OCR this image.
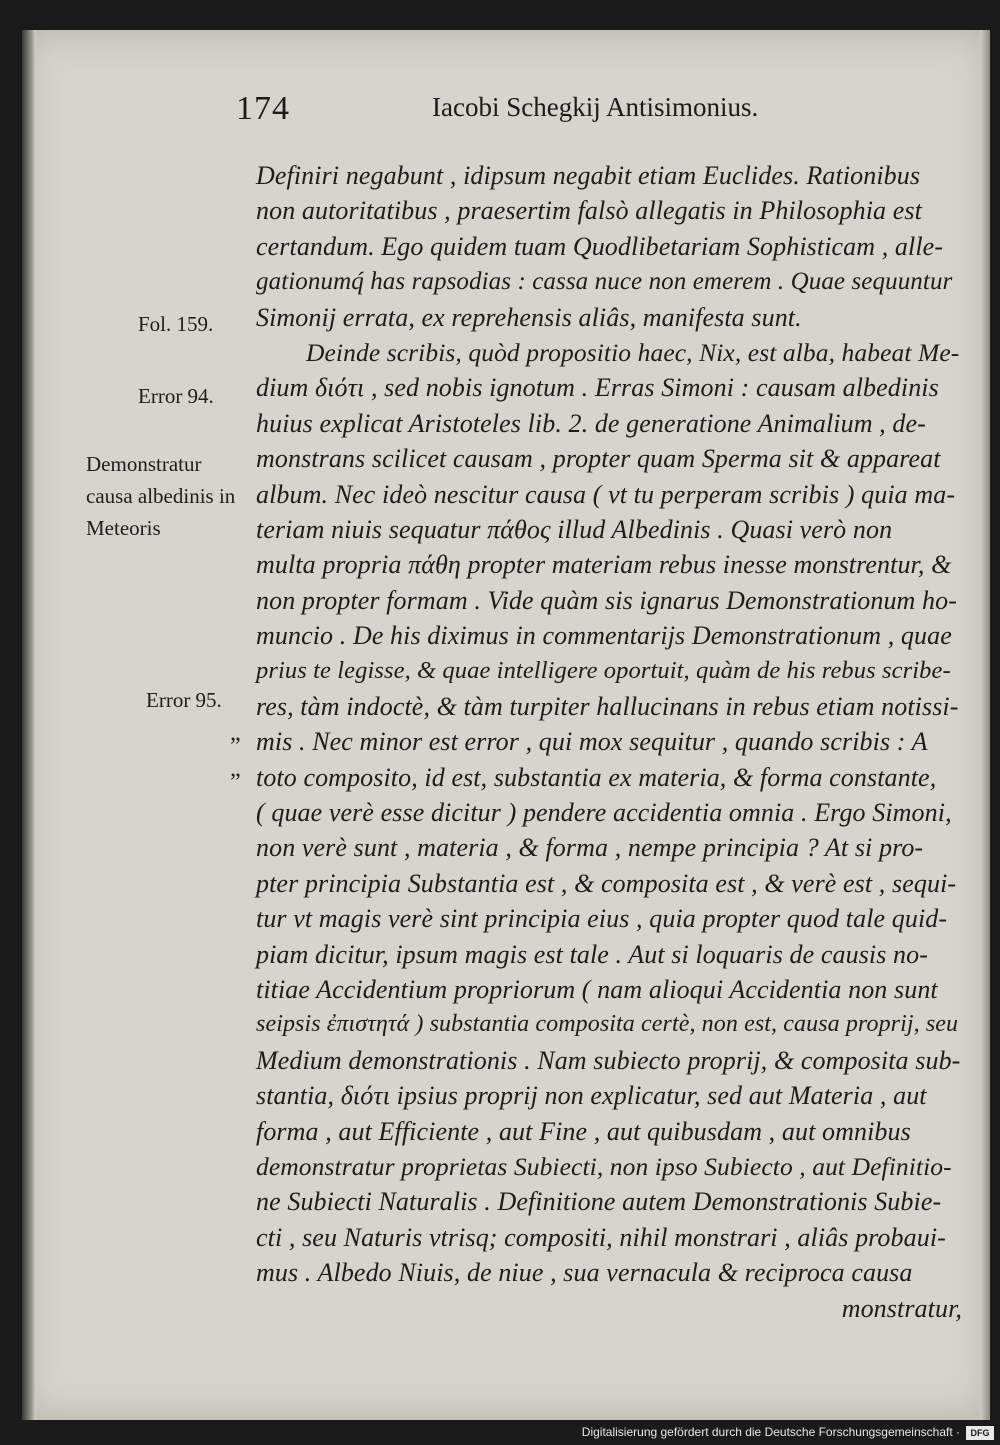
174	Iacobi Schegkij Antisimonius.
Fol. 159.
Error 94.
Demonstratur
causa albedinis in
Meteoris
Error 95.
„
„
Definiri negabunt , idipsum negabit etiam Euclides. Rationibus
non autoritatibus , praesertim falsò allegatis in Philosophia est
certandum. Ego quidem tuam Quodlibetariam Sophisticam , alle-
gationumq́ has rapsodias : cassa nuce non emerem . Quae sequuntur
Simonij errata, ex reprehensis aliâs, manifesta sunt.
Deinde scribis, quòd propositio haec, Nix, est alba, habeat Me-
dium διότι , sed nobis ignotum . Erras Simoni : causam albedinis
huius explicat Aristoteles lib. 2. de generatione Animalium , de-
monstrans scilicet causam , propter quam Sperma sit & appareat
album. Nec ideò nescitur causa ( vt tu perperam scribis ) quia ma-
teriam niuis sequatur πάθος illud Albedinis . Quasi verò non
multa propria πάθη propter materiam rebus inesse monstrentur, &
non propter formam . Vide quàm sis ignarus Demonstrationum ho-
muncio . De his diximus in commentarijs Demonstrationum , quae
prius te legisse, & quae intelligere oportuit, quàm de his rebus scribe-
res, tàm indoctè, & tàm turpiter hallucinans in rebus etiam notissi-
mis . Nec minor est error , qui mox sequitur , quando scribis : A
toto composito, id est, substantia ex materia, & forma constante,
( quae verè esse dicitur ) pendere accidentia omnia . Ergo Simoni,
non verè sunt , materia , & forma , nempe principia ? At si pro-
pter principia Substantia est , & composita est , & verè est , sequi-
tur vt magis verè sint principia eius , quia propter quod tale quid-
piam dicitur, ipsum magis est tale . Aut si loquaris de causis no-
titiae Accidentium propriorum ( nam alioqui Accidentia non sunt
seipsis ἐπιστητά ) substantia composita certè, non est, causa proprij, seu
Medium demonstrationis . Nam subiecto proprij, & composita sub-
stantia, διότι ipsius proprij non explicatur, sed aut Materia , aut
forma , aut Efficiente , aut Fine , aut quibusdam , aut omnibus
demonstratur proprietas Subiecti, non ipso Subiecto , aut Definitio-
ne Subiecti Naturalis . Definitione autem Demonstrationis Subie-
cti , seu Naturis vtrisq; compositi, nihil monstrari , aliâs probaui-
mus . Albedo Niuis, de niue , sua vernacula & reciproca causa
monstratur,
Digitalisierung gefördert durch die Deutsche Forschungsgemeinschaft ·	DFG
